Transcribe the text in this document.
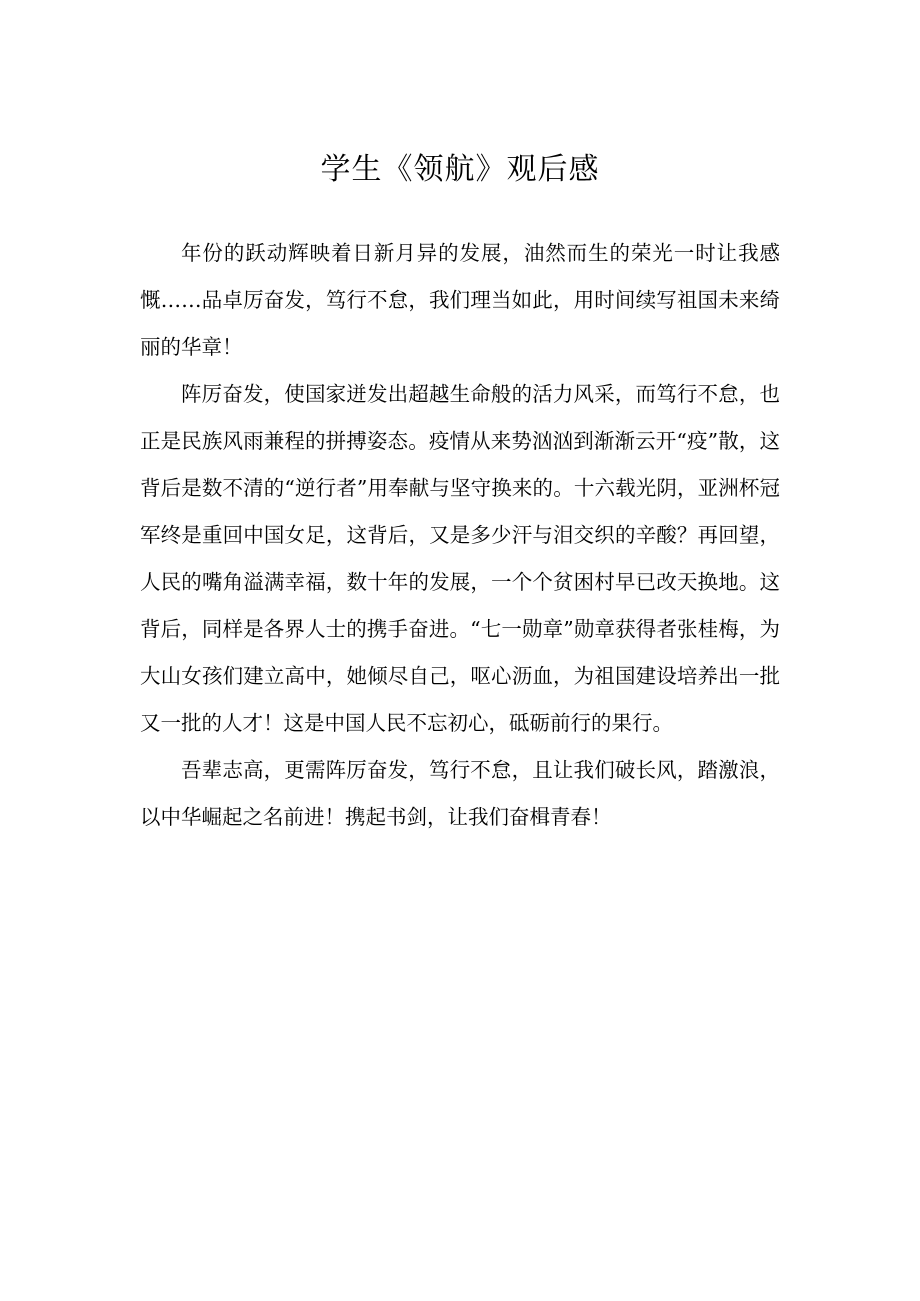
学生《领航》观后感

年份的跃动辉映着日新月异的发展，油然而生的荣光一时让我感慨……品卓厉奋发，笃行不怠，我们理当如此，用时间续写祖国未来绮丽的华章！

阵厉奋发，使国家迸发出超越生命般的活力风采，而笃行不怠，也正是民族风雨兼程的拼搏姿态。疫情从来势汹汹到渐渐云开“疫”散，这背后是数不清的“逆行者”用奉献与坚守换来的。十六载光阴，亚洲杯冠军终是重回中国女足，这背后，又是多少汗与泪交织的辛酸？再回望，人民的嘴角溢满幸福，数十年的发展，一个个贫困村早已改天换地。这背后，同样是各界人士的携手奋进。“七一勋章”勋章获得者张桂梅，为大山女孩们建立高中，她倾尽自己，呕心沥血，为祖国建设培养出一批又一批的人才！这是中国人民不忘初心，砥砺前行的果行。

吾辈志高，更需阵厉奋发，笃行不怠，且让我们破长风，踏激浪，以中华崛起之名前进！携起书剑，让我们奋楫青春！
